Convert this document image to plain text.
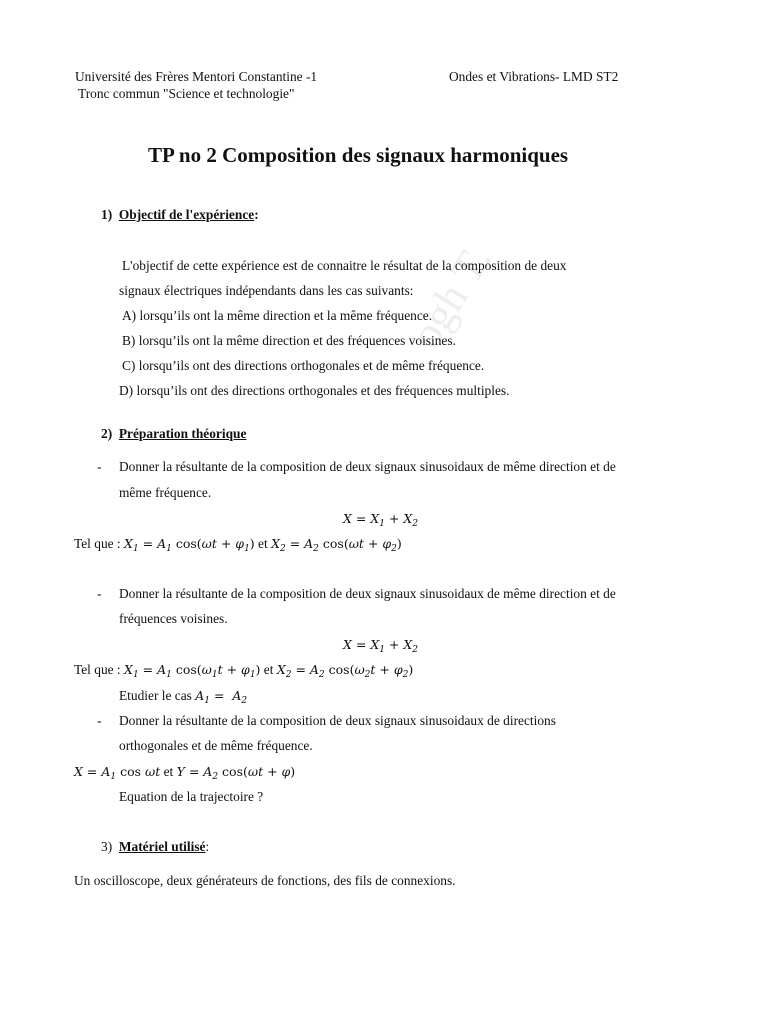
ogh T.
Université des Frères Mentori Constantine -1	Ondes et Vibrations- LMD ST2
Tronc commun "Science et technologie"
TP no 2 Composition des signaux harmoniques
1) Objectif de l'expérience:
L'objectif de cette expérience est de connaitre le résultat de la composition de deux
signaux électriques indépendants dans les cas suivants:
A) lorsqu’ils ont la même direction et la même fréquence.
B) lorsqu’ils ont la même direction et des fréquences voisines.
C) lorsqu’ils ont des directions orthogonales et de même fréquence.
D) lorsqu’ils ont des directions orthogonales et des fréquences multiples.
2) Préparation théorique
- Donner la résultante de la composition de deux signaux sinusoidaux de même direction et de
même fréquence.
$X = X_1 + X_2$
Tel que : $X_1 = A_1$ $\cos(\omega t + \varphi_1)$ et $X_2 = A_2$ $\cos(\omega t + \varphi_2)$
- Donner la résultante de la composition de deux signaux sinusoidaux de même direction et de
fréquences voisines.
$X = X_1 + X_2$
Tel que : $X_1 = A_1$ $\cos(\omega_1t + \varphi_1)$ et $X_2 = A_2$ $\cos(\omega_2t + \varphi_2)$
Etudier le cas $A_1 = A_2$
- Donner la résultante de la composition de deux signaux sinusoidaux de directions
orthogonales et de même fréquence.
$X = A_1$ cos ωt et $Y = A_2$ cos(ωt + φ)
Equation de la trajectoire ?
3) Matériel utilisé:
Un oscilloscope, deux générateurs de fonctions, des fils de connexions.
